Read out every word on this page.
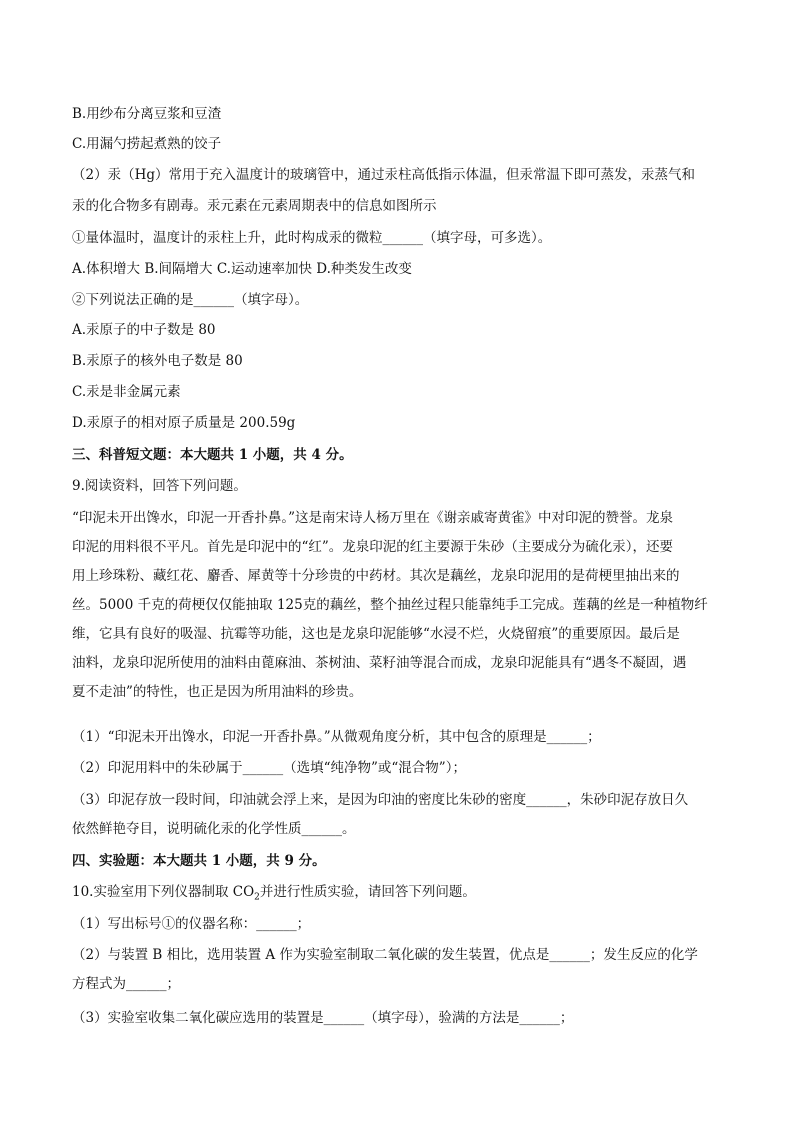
B.用纱布分离豆浆和豆渣
C.用漏勺捞起煮熟的饺子
（2）汞（Hg）常用于充入温度计的玻璃管中，通过汞柱高低指示体温，但汞常温下即可蒸发，汞蒸气和
汞的化合物多有剧毒。汞元素在元素周期表中的信息如图所示
①量体温时，温度计的汞柱上升，此时构成汞的微粒______（填字母，可多选）。
A.体积增大 B.间隔增大 C.运动速率加快 D.种类发生改变
②下列说法正确的是______（填字母）。
A.汞原子的中子数是 80
B.汞原子的核外电子数是 80
C.汞是非金属元素
D.汞原子的相对原子质量是 200.59g
三、科普短文题：本大题共 1 小题，共 4 分。
9.阅读资料，回答下列问题。
“印泥未开出馋水，印泥一开香扑鼻。”这是南宋诗人杨万里在《谢亲戚寄黄雀》中对印泥的赞誉。龙泉
印泥的用料很不平凡。首先是印泥中的“红”。龙泉印泥的红主要源于朱砂（主要成分为硫化汞），还要
用上珍珠粉、藏红花、麝香、犀黄等十分珍贵的中药材。其次是藕丝，龙泉印泥用的是荷梗里抽出来的
丝。5000 千克的荷梗仅仅能抽取 125克的藕丝，整个抽丝过程只能靠纯手工完成。莲藕的丝是一种植物纤
维，它具有良好的吸湿、抗霉等功能，这也是龙泉印泥能够“水浸不烂，火烧留痕”的重要原因。最后是
油料，龙泉印泥所使用的油料由蓖麻油、茶树油、菜籽油等混合而成，龙泉印泥能具有“遇冬不凝固，遇
夏不走油”的特性，也正是因为所用油料的珍贵。
（1）“印泥未开出馋水，印泥一开香扑鼻。”从微观角度分析，其中包含的原理是______；
（2）印泥用料中的朱砂属于______（选填“纯净物”或“混合物”）；
（3）印泥存放一段时间，印油就会浮上来，是因为印油的密度比朱砂的密度______，朱砂印泥存放日久
依然鲜艳夺目，说明硫化汞的化学性质______。
四、实验题：本大题共 1 小题，共 9 分。
10.实验室用下列仪器制取 $CO_2$并进行性质实验，请回答下列问题。
（1）写出标号①的仪器名称：______；
（2）与装置 B 相比，选用装置 A 作为实验室制取二氧化碳的发生装置，优点是______；发生反应的化学
方程式为______；
（3）实验室收集二氧化碳应选用的装置是______（填字母），验满的方法是______；
